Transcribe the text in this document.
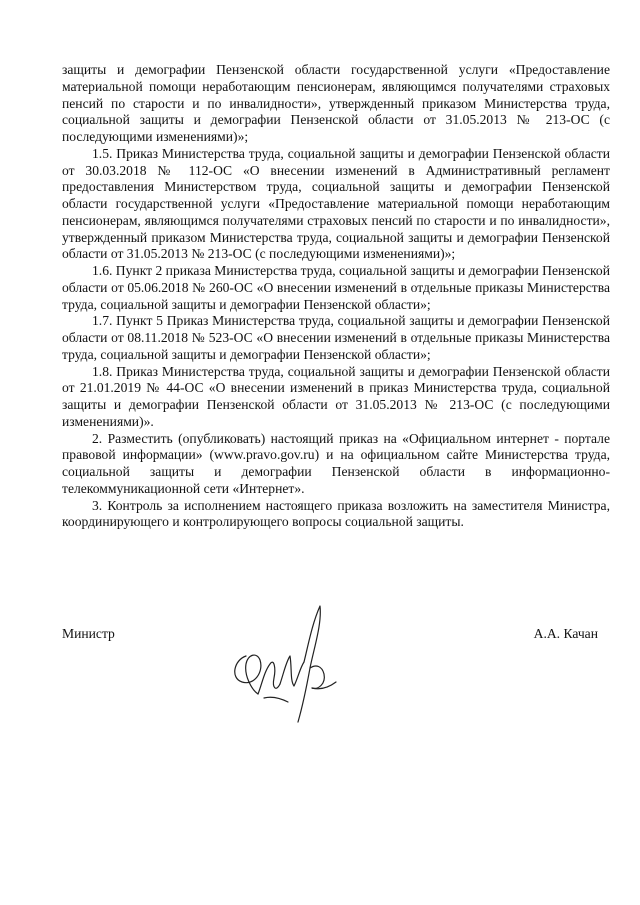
защиты и демографии Пензенской области государственной услуги «Предоставление материальной помощи неработающим пенсионерам, являющимся получателями страховых пенсий по старости и по инвалидности», утвержденный приказом Министерства труда, социальной защиты и демографии Пензенской области от 31.05.2013 № 213-ОС (с последующими изменениями)»;

1.5. Приказ Министерства труда, социальной защиты и демографии Пензенской области от 30.03.2018 № 112-ОС «О внесении изменений в Административный регламент предоставления Министерством труда, социальной защиты и демографии Пензенской области государственной услуги «Предоставление материальной помощи неработающим пенсионерам, являющимся получателями страховых пенсий по старости и по инвалидности», утвержденный приказом Министерства труда, социальной защиты и демографии Пензенской области от 31.05.2013 № 213-ОС (с последующими изменениями)»;

1.6. Пункт 2 приказа Министерства труда, социальной защиты и демографии Пензенской области от 05.06.2018 № 260-ОС «О внесении изменений в отдельные приказы Министерства труда, социальной защиты и демографии Пензенской области»;

1.7. Пункт 5 Приказ Министерства труда, социальной защиты и демографии Пензенской области от 08.11.2018 № 523-ОС «О внесении изменений в отдельные приказы Министерства труда, социальной защиты и демографии Пензенской области»;

1.8. Приказ Министерства труда, социальной защиты и демографии Пензенской области от 21.01.2019 № 44-ОС «О внесении изменений в приказ Министерства труда, социальной защиты и демографии Пензенской области от 31.05.2013 № 213-ОС (с последующими изменениями)».

2. Разместить (опубликовать) настоящий приказ на «Официальном интернет - портале правовой информации» (www.pravo.gov.ru) и на официальном сайте Министерства труда, социальной защиты и демографии Пензенской области в информационно-телекоммуникационной сети «Интернет».

3. Контроль за исполнением настоящего приказа возложить на заместителя Министра, координирующего и контролирующего вопросы социальной защиты.

Министр	А.А. Качан
